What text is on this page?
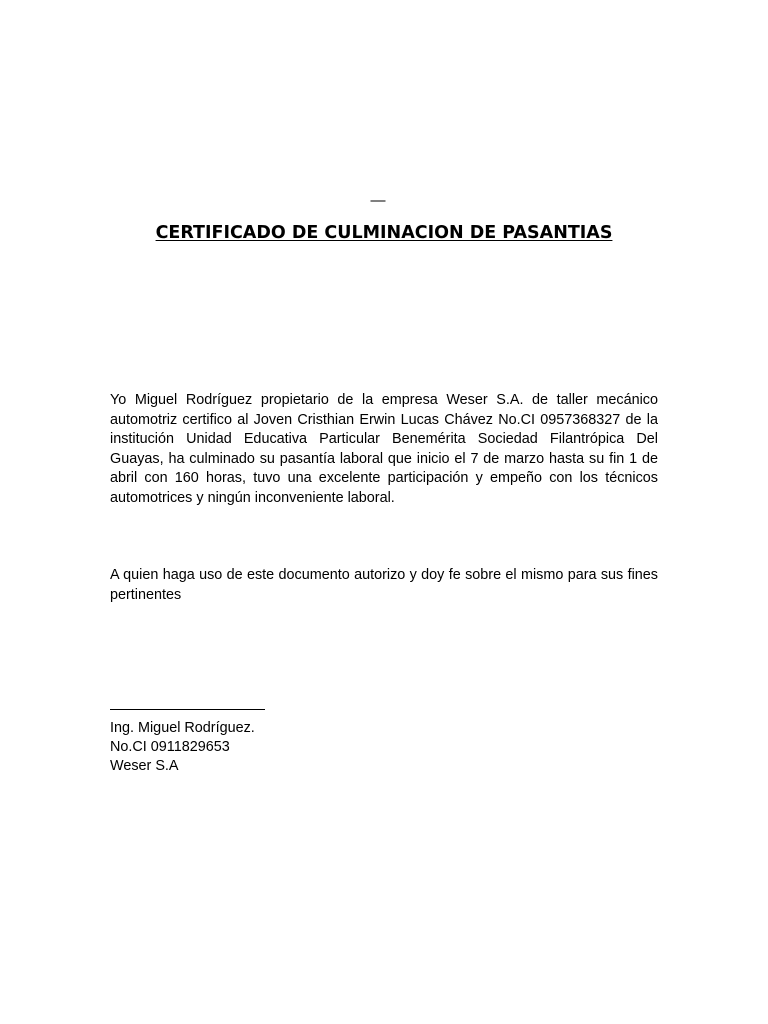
—
CERTIFICADO DE CULMINACION DE PASANTIAS

Yo Miguel Rodríguez propietario de la empresa Weser S.A. de taller mecánico automotriz certifico al Joven Cristhian Erwin Lucas Chávez No.CI 0957368327 de la institución Unidad Educativa Particular Benemérita Sociedad Filantrópica Del Guayas, ha culminado su pasantía laboral que inicio el 7 de marzo hasta su fin 1 de abril con 160 horas, tuvo una excelente participación y empeño con los técnicos automotrices y ningún inconveniente laboral.

A quien haga uso de este documento autorizo y doy fe sobre el mismo para sus fines pertinentes

Ing. Miguel Rodríguez.
No.CI 0911829653
Weser S.A
